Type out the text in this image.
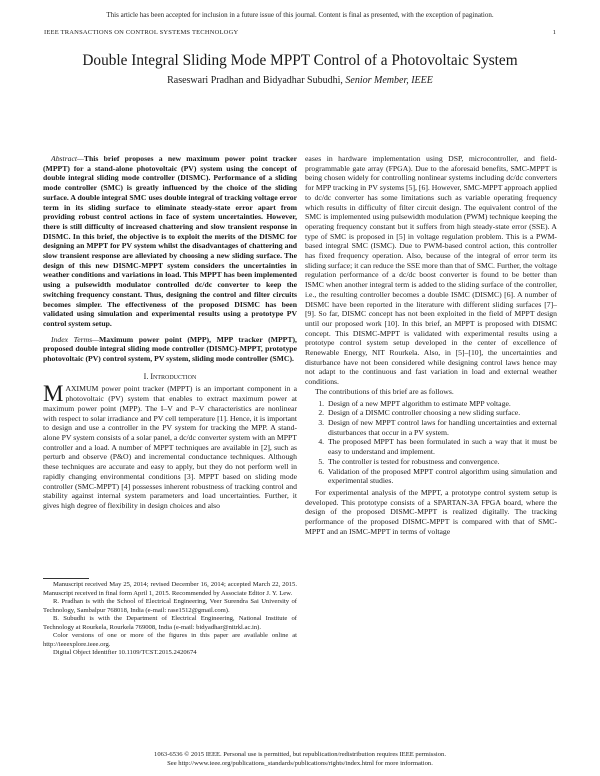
This article has been accepted for inclusion in a future issue of this journal. Content is final as presented, with the exception of pagination.
IEEE TRANSACTIONS ON CONTROL SYSTEMS TECHNOLOGY	1
Double Integral Sliding Mode MPPT Control of a Photovoltaic System
Raseswari Pradhan and Bidyadhar Subudhi, Senior Member, IEEE

Abstract—This brief proposes a new maximum power point tracker (MPPT) for a stand-alone photovoltaic (PV) system using the concept of double integral sliding mode controller (DISMC). Performance of a sliding mode controller (SMC) is greatly influenced by the choice of the sliding surface. A double integral SMC uses double integral of tracking voltage error term in its sliding surface to eliminate steady-state error apart from providing robust control actions in face of system uncertainties. However, there is still difficulty of increased chattering and slow transient response in DISMC. In this brief, the objective is to exploit the merits of the DISMC for designing an MPPT for PV system whilst the disadvantages of chattering and slow transient response are alleviated by choosing a new sliding surface. The design of this new DISMC-MPPT system considers the uncertainties in weather conditions and variations in load. This MPPT has been implemented using a pulsewidth modulator controlled dc/dc converter to keep the switching frequency constant. Thus, designing the control and filter circuits becomes simpler. The effectiveness of the proposed DISMC has been validated using simulation and experimental results using a prototype PV control system setup.

Index Terms—Maximum power point (MPP), MPP tracker (MPPT), proposed double integral sliding mode controller (DISMC)-MPPT, prototype photovoltaic (PV) control system, PV system, sliding mode controller (SMC).

I. Introduction

MAXIMUM power point tracker (MPPT) is an important component in a photovoltaic (PV) system that enables to extract maximum power at maximum power point (MPP). The I–V and P–V characteristics are nonlinear with respect to solar irradiance and PV cell temperature [1]. Hence, it is important to design and use a controller in the PV system for tracking the MPP. A stand-alone PV system consists of a solar panel, a dc/dc converter system with an MPPT controller and a load. A number of MPPT techniques are available in [2], such as perturb and observe (P&O) and incremental conductance techniques. Although these techniques are accurate and easy to apply, but they do not perform well in rapidly changing environmental conditions [3]. MPPT based on sliding mode controller (SMC-MPPT) [4] possesses inherent robustness of tracking control and stability against internal system parameters and load uncertainties. Further, it gives high degree of flexibility in design choices and also

Manuscript received May 25, 2014; revised December 16, 2014; accepted March 22, 2015. Manuscript received in final form April 1, 2015. Recommended by Associate Editor J. Y. Lew.

R. Pradhan is with the School of Electrical Engineering, Veer Surendra Sai University of Technology, Sambalpur 768018, India (e-mail: rase1512@gmail.com).

B. Subudhi is with the Department of Electrical Engineering, National Institute of Technology at Rourkela, Rourkela 769008, India (e-mail: bidyadhar@nitrkl.ac.in).

Color versions of one or more of the figures in this paper are available online at http://ieeexplore.ieee.org.

Digital Object Identifier 10.1109/TCST.2015.2420674

eases in hardware implementation using DSP, microcontroller, and field-programmable gate array (FPGA). Due to the aforesaid benefits, SMC-MPPT is being chosen widely for controlling nonlinear systems including dc/dc converters for MPP tracking in PV systems [5], [6]. However, SMC-MPPT approach applied to dc/dc converter has some limitations such as variable operating frequency which results in difficulty of filter circuit design. The equivalent control of the SMC is implemented using pulsewidth modulation (PWM) technique keeping the operating frequency constant but it suffers from high steady-state error (SSE). A type of SMC is proposed in [5] in voltage regulation problem. This is a PWM-based integral SMC (ISMC). Due to PWM-based control action, this controller has fixed frequency operation. Also, because of the integral of error term its sliding surface; it can reduce the SSE more than that of SMC. Further, the voltage regulation performance of a dc/dc boost converter is found to be better than ISMC when another integral term is added to the sliding surface of the controller, i.e., the resulting controller becomes a double ISMC (DISMC) [6]. A number of DISMC have been reported in the literature with different sliding surfaces [7]–[9]. So far, DISMC concept has not been exploited in the field of MPPT design until our proposed work [10]. In this brief, an MPPT is proposed with DISMC concept. This DISMC-MPPT is validated with experimental results using a prototype control system setup developed in the center of excellence of Renewable Energy, NIT Rourkela. Also, in [5]–[10], the uncertainties and disturbance have not been considered while designing control laws hence may not adapt to the continuous and fast variation in load and external weather conditions.

The contributions of this brief are as follows.

1. Design of a new MPPT algorithm to estimate MPP voltage.
2. Design of a DISMC controller choosing a new sliding surface.
3. Design of new MPPT control laws for handling uncertainties and external disturbances that occur in a PV system.
4. The proposed MPPT has been formulated in such a way that it must be easy to understand and implement.
5. The controller is tested for robustness and convergence.
6. Validation of the proposed MPPT control algorithm using simulation and experimental studies.

For experimental analysis of the MPPT, a prototype control system setup is developed. This prototype consists of a SPARTAN-3A FPGA board, where the design of the proposed DISMC-MPPT is realized digitally. The tracking performance of the proposed DISMC-MPPT is compared with that of SMC-MPPT and an ISMC-MPPT in terms of voltage

1063-6536 © 2015 IEEE. Personal use is permitted, but republication/redistribution requires IEEE permission.
See http://www.ieee.org/publications_standards/publications/rights/index.html for more information.
